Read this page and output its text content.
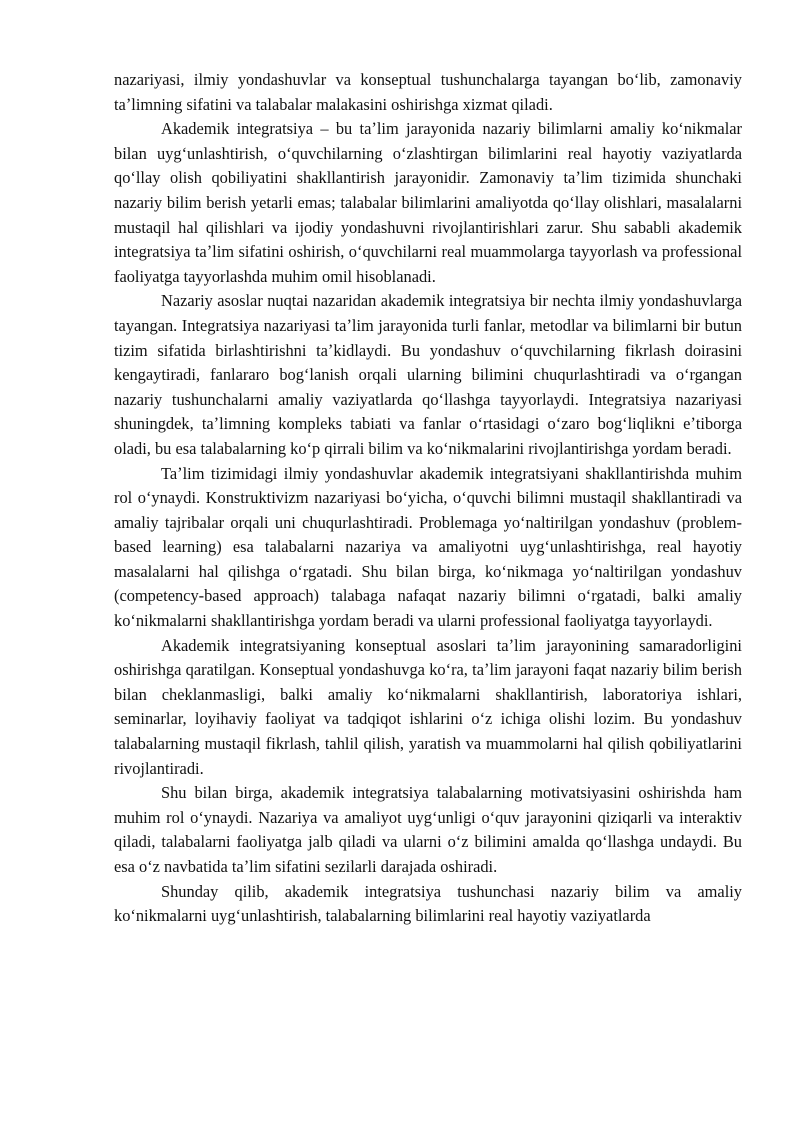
nazariyasi, ilmiy yondashuvlar va konseptual tushunchalarga tayangan boʻlib, zamonaviy taʼlimning sifatini va talabalar malakasini oshirishga xizmat qiladi.

Akademik integratsiya – bu taʼlim jarayonida nazariy bilimlarni amaliy koʻnikmalar bilan uygʻunlashtirish, oʻquvchilarning oʻzlashtirgan bilimlarini real hayotiy vaziyatlarda qoʻllay olish qobiliyatini shakllantirish jarayonidir. Zamonaviy taʼlim tizimida shunchaki nazariy bilim berish yetarli emas; talabalar bilimlarini amaliyotda qoʻllay olishlari, masalalarni mustaqil hal qilishlari va ijodiy yondashuvni rivojlantirishlari zarur. Shu sababli akademik integratsiya taʼlim sifatini oshirish, oʻquvchilarni real muammolarga tayyorlash va professional faoliyatga tayyorlashda muhim omil hisoblanadi.

Nazariy asoslar nuqtai nazaridan akademik integratsiya bir nechta ilmiy yondashuvlarga tayangan. Integratsiya nazariyasi taʼlim jarayonida turli fanlar, metodlar va bilimlarni bir butun tizim sifatida birlashtirishni taʼkidlaydi. Bu yondashuv oʻquvchilarning fikrlash doirasini kengaytiradi, fanlararo bogʻlanish orqali ularning bilimini chuqurlashtiradi va oʻrgangan nazariy tushunchalarni amaliy vaziyatlarda qoʻllashga tayyorlaydi. Integratsiya nazariyasi shuningdek, taʼlimning kompleks tabiati va fanlar oʻrtasidagi oʻzaro bogʻliqlikni eʼtiborga oladi, bu esa talabalarning koʻp qirrali bilim va koʻnikmalarini rivojlantirishga yordam beradi.

Taʼlim tizimidagi ilmiy yondashuvlar akademik integratsiyani shakllantirishda muhim rol oʻynaydi. Konstruktivizm nazariyasi boʻyicha, oʻquvchi bilimni mustaqil shakllantiradi va amaliy tajribalar orqali uni chuqurlashtiradi. Problemaga yoʻnaltirilgan yondashuv (problem-based learning) esa talabalarni nazariya va amaliyotni uygʻunlashtirishga, real hayotiy masalalarni hal qilishga oʻrgatadi. Shu bilan birga, koʻnikmaga yoʻnaltirilgan yondashuv (competency-based approach) talabaga nafaqat nazariy bilimni oʻrgatadi, balki amaliy koʻnikmalarni shakllantirishga yordam beradi va ularni professional faoliyatga tayyorlaydi.

Akademik integratsiyaning konseptual asoslari taʼlim jarayonining samaradorligini oshirishga qaratilgan. Konseptual yondashuvga koʻra, taʼlim jarayoni faqat nazariy bilim berish bilan cheklanmasligi, balki amaliy koʻnikmalarni shakllantirish, laboratoriya ishlari, seminarlar, loyihaviy faoliyat va tadqiqot ishlarini oʻz ichiga olishi lozim. Bu yondashuv talabalarning mustaqil fikrlash, tahlil qilish, yaratish va muammolarni hal qilish qobiliyatlarini rivojlantiradi.

Shu bilan birga, akademik integratsiya talabalarning motivatsiyasini oshirishda ham muhim rol oʻynaydi. Nazariya va amaliyot uygʻunligi oʻquv jarayonini qiziqarli va interaktiv qiladi, talabalarni faoliyatga jalb qiladi va ularni oʻz bilimini amalda qoʻllashga undaydi. Bu esa oʻz navbatida taʼlim sifatini sezilarli darajada oshiradi.

Shunday qilib, akademik integratsiya tushunchasi nazariy bilim va amaliy koʻnikmalarni uygʻunlashtirish, talabalarning bilimlarini real hayotiy vaziyatlarda
